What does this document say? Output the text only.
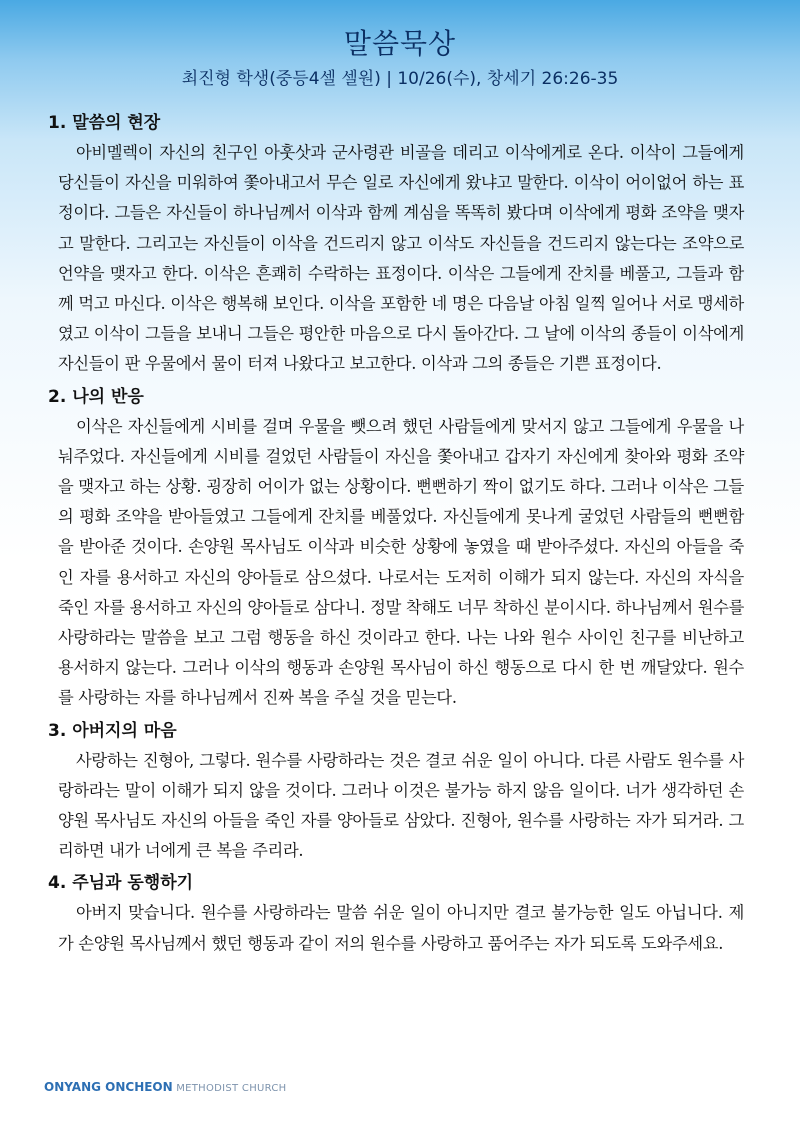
말씀묵상
최진형 학생(중등4셀 셀원) | 10/26(수), 창세기 26:26-35
1. 말씀의 현장

아비멜렉이 자신의 친구인 아훗삿과 군사령관 비골을 데리고 이삭에게로 온다. 이삭이 그들에게 당신들이 자신을 미워하여 쫓아내고서 무슨 일로 자신에게 왔냐고 말한다. 이삭이 어이없어 하는 표정이다. 그들은 자신들이 하나님께서 이삭과 함께 계심을 똑똑히 봤다며 이삭에게 평화 조약을 맺자고 말한다. 그리고는 자신들이 이삭을 건드리지 않고 이삭도 자신들을 건드리지 않는다는 조약으로 언약을 맺자고 한다. 이삭은 흔쾌히 수락하는 표정이다. 이삭은 그들에게 잔치를 베풀고, 그들과 함께 먹고 마신다. 이삭은 행복해 보인다. 이삭을 포함한 네 명은 다음날 아침 일찍 일어나 서로 맹세하였고 이삭이 그들을 보내니 그들은 평안한 마음으로 다시 돌아간다. 그 날에 이삭의 종들이 이삭에게 자신들이 판 우물에서 물이 터져 나왔다고 보고한다. 이삭과 그의 종들은 기쁜 표정이다.

2. 나의 반응

이삭은 자신들에게 시비를 걸며 우물을 뺏으려 했던 사람들에게 맞서지 않고 그들에게 우물을 나눠주었다. 자신들에게 시비를 걸었던 사람들이 자신을 쫓아내고 갑자기 자신에게 찾아와 평화 조약을 맺자고 하는 상황. 굉장히 어이가 없는 상황이다. 뻔뻔하기 짝이 없기도 하다. 그러나 이삭은 그들의 평화 조약을 받아들였고 그들에게 잔치를 베풀었다. 자신들에게 못나게 굴었던 사람들의 뻔뻔함을 받아준 것이다. 손양원 목사님도 이삭과 비슷한 상황에 놓였을 때 받아주셨다. 자신의 아들을 죽인 자를 용서하고 자신의 양아들로 삼으셨다. 나로서는 도저히 이해가 되지 않는다. 자신의 자식을 죽인 자를 용서하고 자신의 양아들로 삼다니. 정말 착해도 너무 착하신 분이시다. 하나님께서 원수를 사랑하라는 말씀을 보고 그럼 행동을 하신 것이라고 한다. 나는 나와 원수 사이인 친구를 비난하고 용서하지 않는다. 그러나 이삭의 행동과 손양원 목사님이 하신 행동으로 다시 한 번 깨달았다. 원수를 사랑하는 자를 하나님께서 진짜 복을 주실 것을 믿는다.

3. 아버지의 마음

사랑하는 진형아, 그렇다. 원수를 사랑하라는 것은 결코 쉬운 일이 아니다. 다른 사람도 원수를 사랑하라는 말이 이해가 되지 않을 것이다. 그러나 이것은 불가능 하지 않음 일이다. 너가 생각하던 손양원 목사님도 자신의 아들을 죽인 자를 양아들로 삼았다. 진형아, 원수를 사랑하는 자가 되거라. 그리하면 내가 너에게 큰 복을 주리라.

4. 주님과 동행하기

아버지 맞습니다. 원수를 사랑하라는 말씀 쉬운 일이 아니지만 결코 불가능한 일도 아닙니다. 제가 손양원 목사님께서 했던 행동과 같이 저의 원수를 사랑하고 품어주는 자가 되도록 도와주세요.

ONYANG ONCHEON METHODIST CHURCH
